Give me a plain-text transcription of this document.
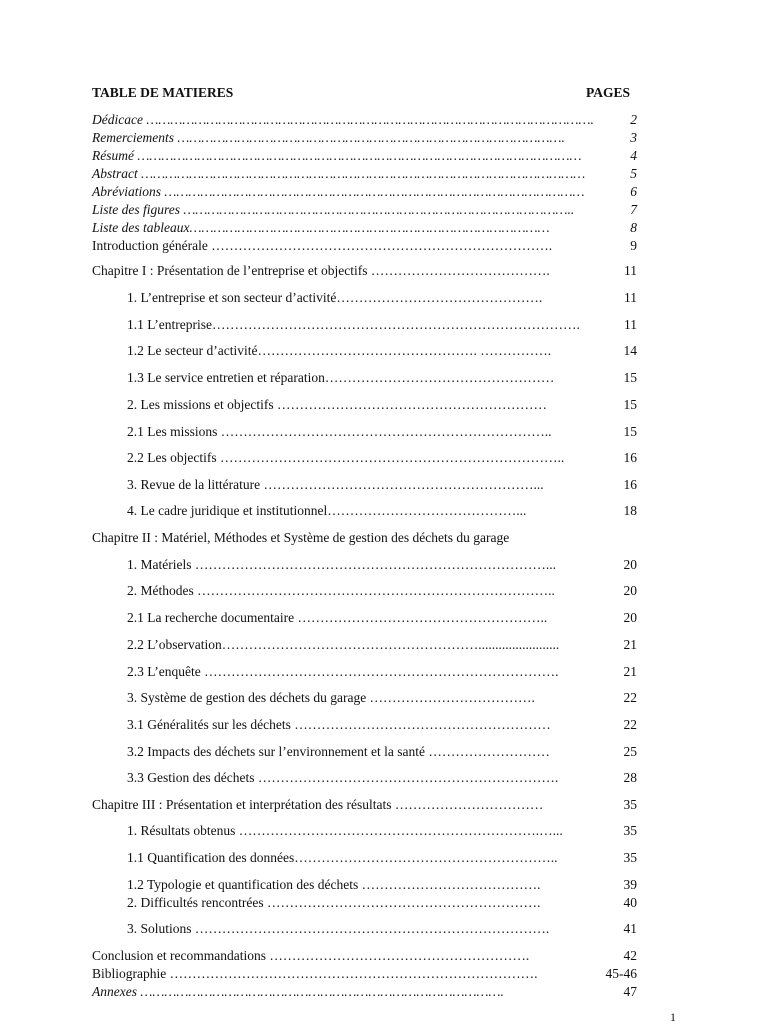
TABLE DE MATIERES	PAGES
Dédicace ………………………………………………………………………………………………….	2
Remerciements …………………………………………………………………………………….	3
Résumé …………………………………………………………………………………………………	4
Abstract …………………………………………………………………………………………………	5
Abréviations ……………………………………………………………………………………………	6
Liste des figures ……………………………………………………………………………………..	7
Liste des tableaux………………………………………………………………………………	8
Introduction générale ………………………………………………………………….	9
Chapitre I : Présentation de l’entreprise et objectifs ………………………………….	11
1. L’entreprise et son secteur d’activité……………………………………….	11
1.1 L’entreprise……………………………………………………………………….	11
1.2 Le secteur d’activité…………………………………………. …………….	14
1.3 Le service entretien et réparation……………………………………………	15
2. Les missions et objectifs ……………………………………………………	15
2.1 Les missions ………………………………………………………………..	15
2.2 Les objectifs …………………………………………………………………..	16
3. Revue de la littérature ……………………………………………………...	16
4. Le cadre juridique et institutionnel……………………………………...	18
Chapitre II : Matériel, Méthodes et Système de gestion des déchets du garage
1. Matériels ……………………………………………………………………...	20
2. Méthodes ……………………………………………………………………..	20
2.1 La recherche documentaire ………………………………………………..	20
2.2 L’observation…………………………………………………........................	21
2.3 L’enquête …………………………………………………………………….	21
3. Système de gestion des déchets du garage ……………………………….	22
3.1 Généralités sur les déchets …………………………………………………	22
3.2 Impacts des déchets sur l’environnement et la santé ………………………	25
3.3 Gestion des déchets ………………………………………………………….	28
Chapitre III : Présentation et interprétation des résultats ……………………………	35
1. Résultats obtenus ………………………………………………………….…...	35
1.1 Quantification des données…………………………………………………..	35
1.2 Typologie et quantification des déchets ………………………………….	39
2. Difficultés rencontrées …………………………………………………….	40
3. Solutions …………………………………………………………………….	41
Conclusion et recommandations ………………………………………………….	42
Bibliographie ……………………………………………………………………….	45-46
Annexes ……………………………………………………………………………….	47
1
